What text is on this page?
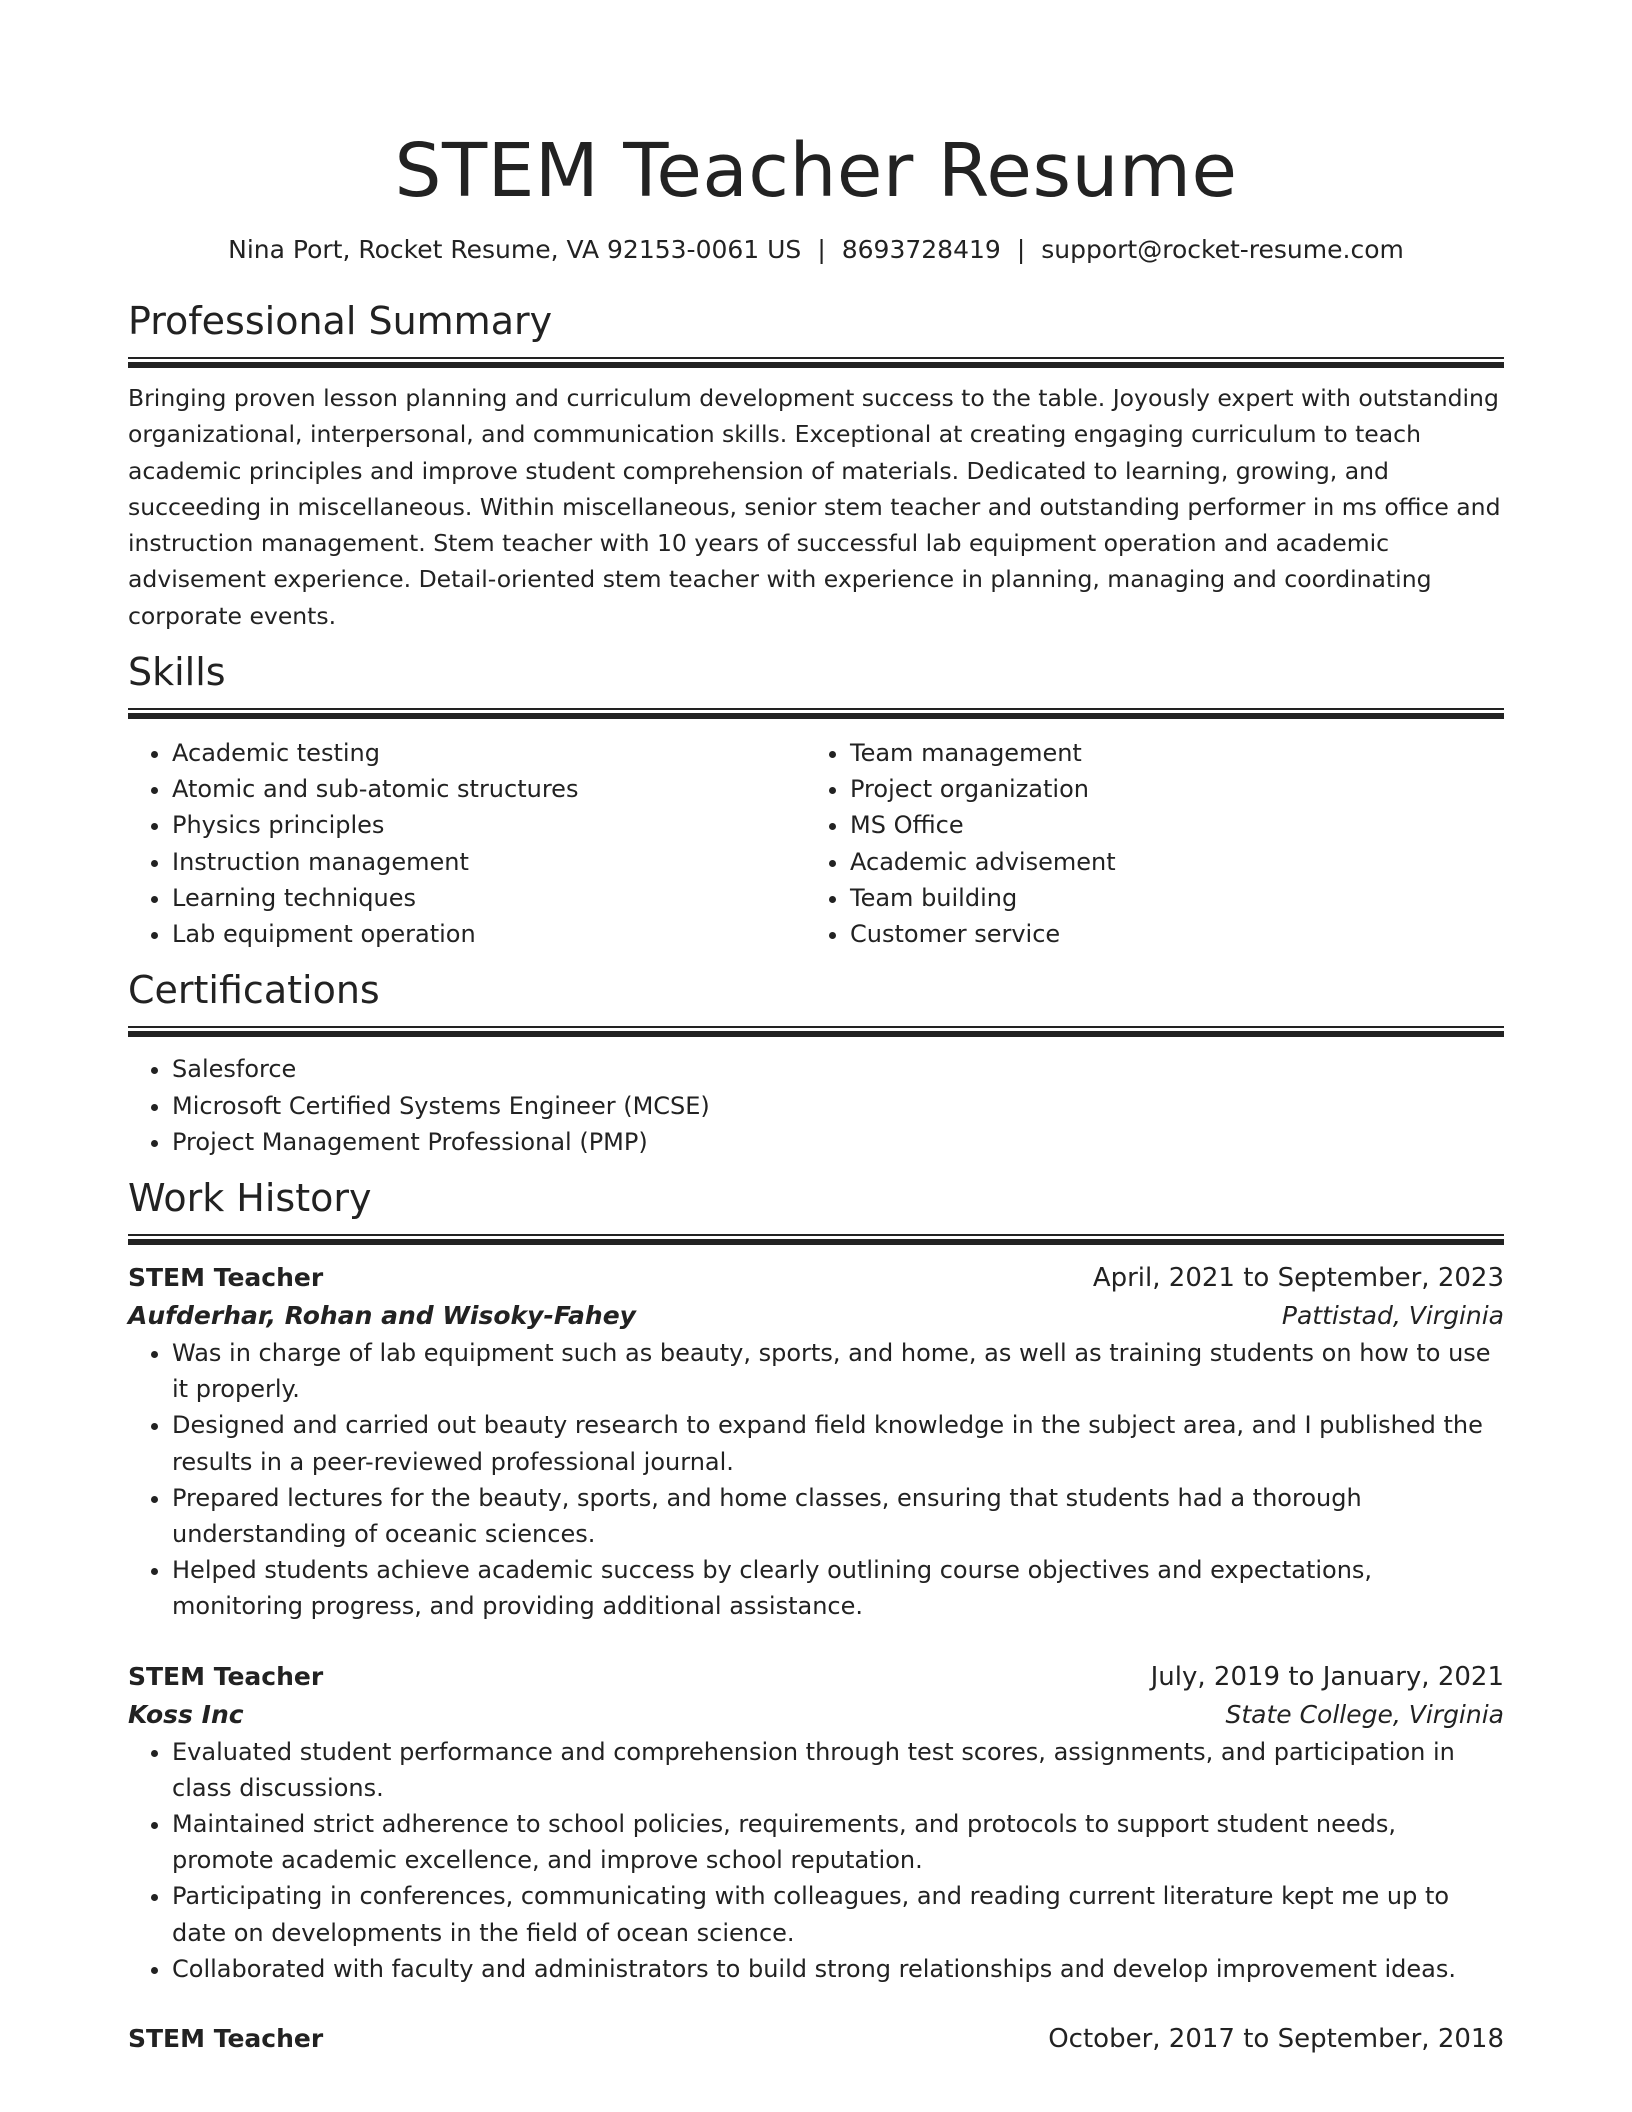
STEM Teacher Resume
Nina Port, Rocket Resume, VA 92153-0061 US | 8693728419 | support@rocket-resume.com
Professional Summary

Bringing proven lesson planning and curriculum development success to the table. Joyously expert with outstanding organizational, interpersonal, and communication skills. Exceptional at creating engaging curriculum to teach academic principles and improve student comprehension of materials. Dedicated to learning, growing, and succeeding in miscellaneous. Within miscellaneous, senior stem teacher and outstanding performer in ms office and instruction management. Stem teacher with 10 years of successful lab equipment operation and academic advisement experience. Detail-oriented stem teacher with experience in planning, managing and coordinating corporate events.

Skills
• Academic testing
• Atomic and sub-atomic structures
• Physics principles
• Instruction management
• Learning techniques
• Lab equipment operation
• Team management
• Project organization
• MS Office
• Academic advisement
• Team building
• Customer service
Certifications
• Salesforce
• Microsoft Certified Systems Engineer (MCSE)
• Project Management Professional (PMP)
Work History
STEM Teacher	April, 2021 to September, 2023
Aufderhar, Rohan and Wisoky-Fahey	Pattistad, Virginia
• Was in charge of lab equipment such as beauty, sports, and home, as well as training students on how to use it properly.
• Designed and carried out beauty research to expand field knowledge in the subject area, and I published the results in a peer-reviewed professional journal.
• Prepared lectures for the beauty, sports, and home classes, ensuring that students had a thorough understanding of oceanic sciences.
• Helped students achieve academic success by clearly outlining course objectives and expectations, monitoring progress, and providing additional assistance.
STEM Teacher	July, 2019 to January, 2021
Koss Inc	State College, Virginia
• Evaluated student performance and comprehension through test scores, assignments, and participation in class discussions.
• Maintained strict adherence to school policies, requirements, and protocols to support student needs, promote academic excellence, and improve school reputation.
• Participating in conferences, communicating with colleagues, and reading current literature kept me up to date on developments in the field of ocean science.
• Collaborated with faculty and administrators to build strong relationships and develop improvement ideas.
STEM Teacher	October, 2017 to September, 2018
